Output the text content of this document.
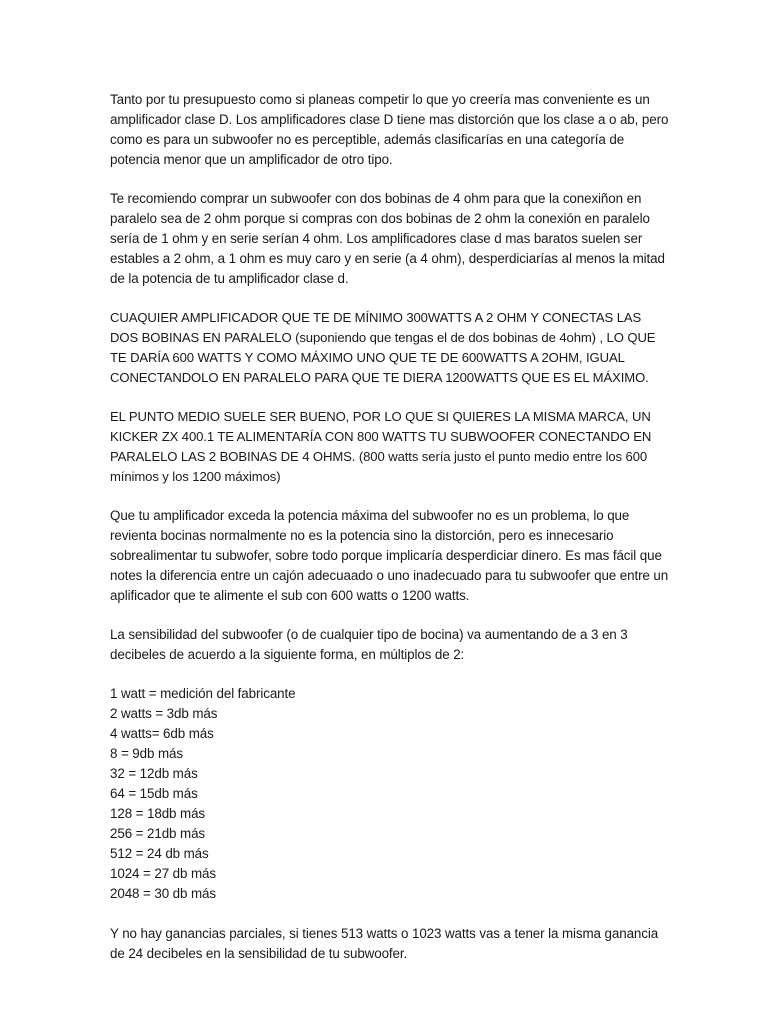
Tanto por tu presupuesto como si planeas competir lo que yo creería mas conveniente es un amplificador clase D. Los amplificadores clase D tiene mas distorción que los clase a o ab, pero como es para un subwoofer no es perceptible, además clasificarías en una categoría de potencia menor que un amplificador de otro tipo.

Te recomiendo comprar un subwoofer con dos bobinas de 4 ohm para que la conexiñon en paralelo sea de 2 ohm porque si compras con dos bobinas de 2 ohm la conexión en paralelo sería de 1 ohm y en serie serían 4 ohm. Los amplificadores clase d mas baratos suelen ser estables a 2 ohm, a 1 ohm es muy caro y en serie (a 4 ohm), desperdiciarías al menos la mitad de la potencia de tu amplificador clase d.

CUAQUIER AMPLIFICADOR QUE TE DE MÍNIMO 300WATTS A 2 OHM Y CONECTAS LAS DOS BOBINAS EN PARALELO (suponiendo que tengas el de dos bobinas de 4ohm) , LO QUE TE DARÍA 600 WATTS Y COMO MÁXIMO UNO QUE TE DE 600WATTS A 2OHM, IGUAL CONECTANDOLO EN PARALELO PARA QUE TE DIERA 1200WATTS QUE ES EL MÁXIMO.

EL PUNTO MEDIO SUELE SER BUENO, POR LO QUE SI QUIERES LA MISMA MARCA, UN KICKER ZX 400.1 TE ALIMENTARÍA CON 800 WATTS TU SUBWOOFER CONECTANDO EN PARALELO LAS 2 BOBINAS DE 4 OHMS. (800 watts sería justo el punto medio entre los 600 mínimos y los 1200 máximos)

Que tu amplificador exceda la potencia máxima del subwoofer no es un problema, lo que revienta bocinas normalmente no es la potencia sino la distorción, pero es innecesario sobrealimentar tu subwofer, sobre todo porque implicaría desperdiciar dinero. Es mas fácil que notes la diferencia entre un cajón adecuaado o uno inadecuado para tu subwoofer que entre un aplificador que te alimente el sub con 600 watts o 1200 watts.

La sensibilidad del subwoofer (o de cualquier tipo de bocina) va aumentando de a 3 en 3 decibeles de acuerdo a la siguiente forma, en múltiplos de 2:

1 watt = medición del fabricante
2 watts = 3db más
4 watts= 6db más
8 = 9db más
32 = 12db más
64 = 15db más
128 = 18db más
256 = 21db más
512 = 24 db más
1024 = 27 db más
2048 = 30 db más

Y no hay ganancias parciales, si tienes 513 watts o 1023 watts vas a tener la misma ganancia de 24 decibeles en la sensibilidad de tu subwoofer.
